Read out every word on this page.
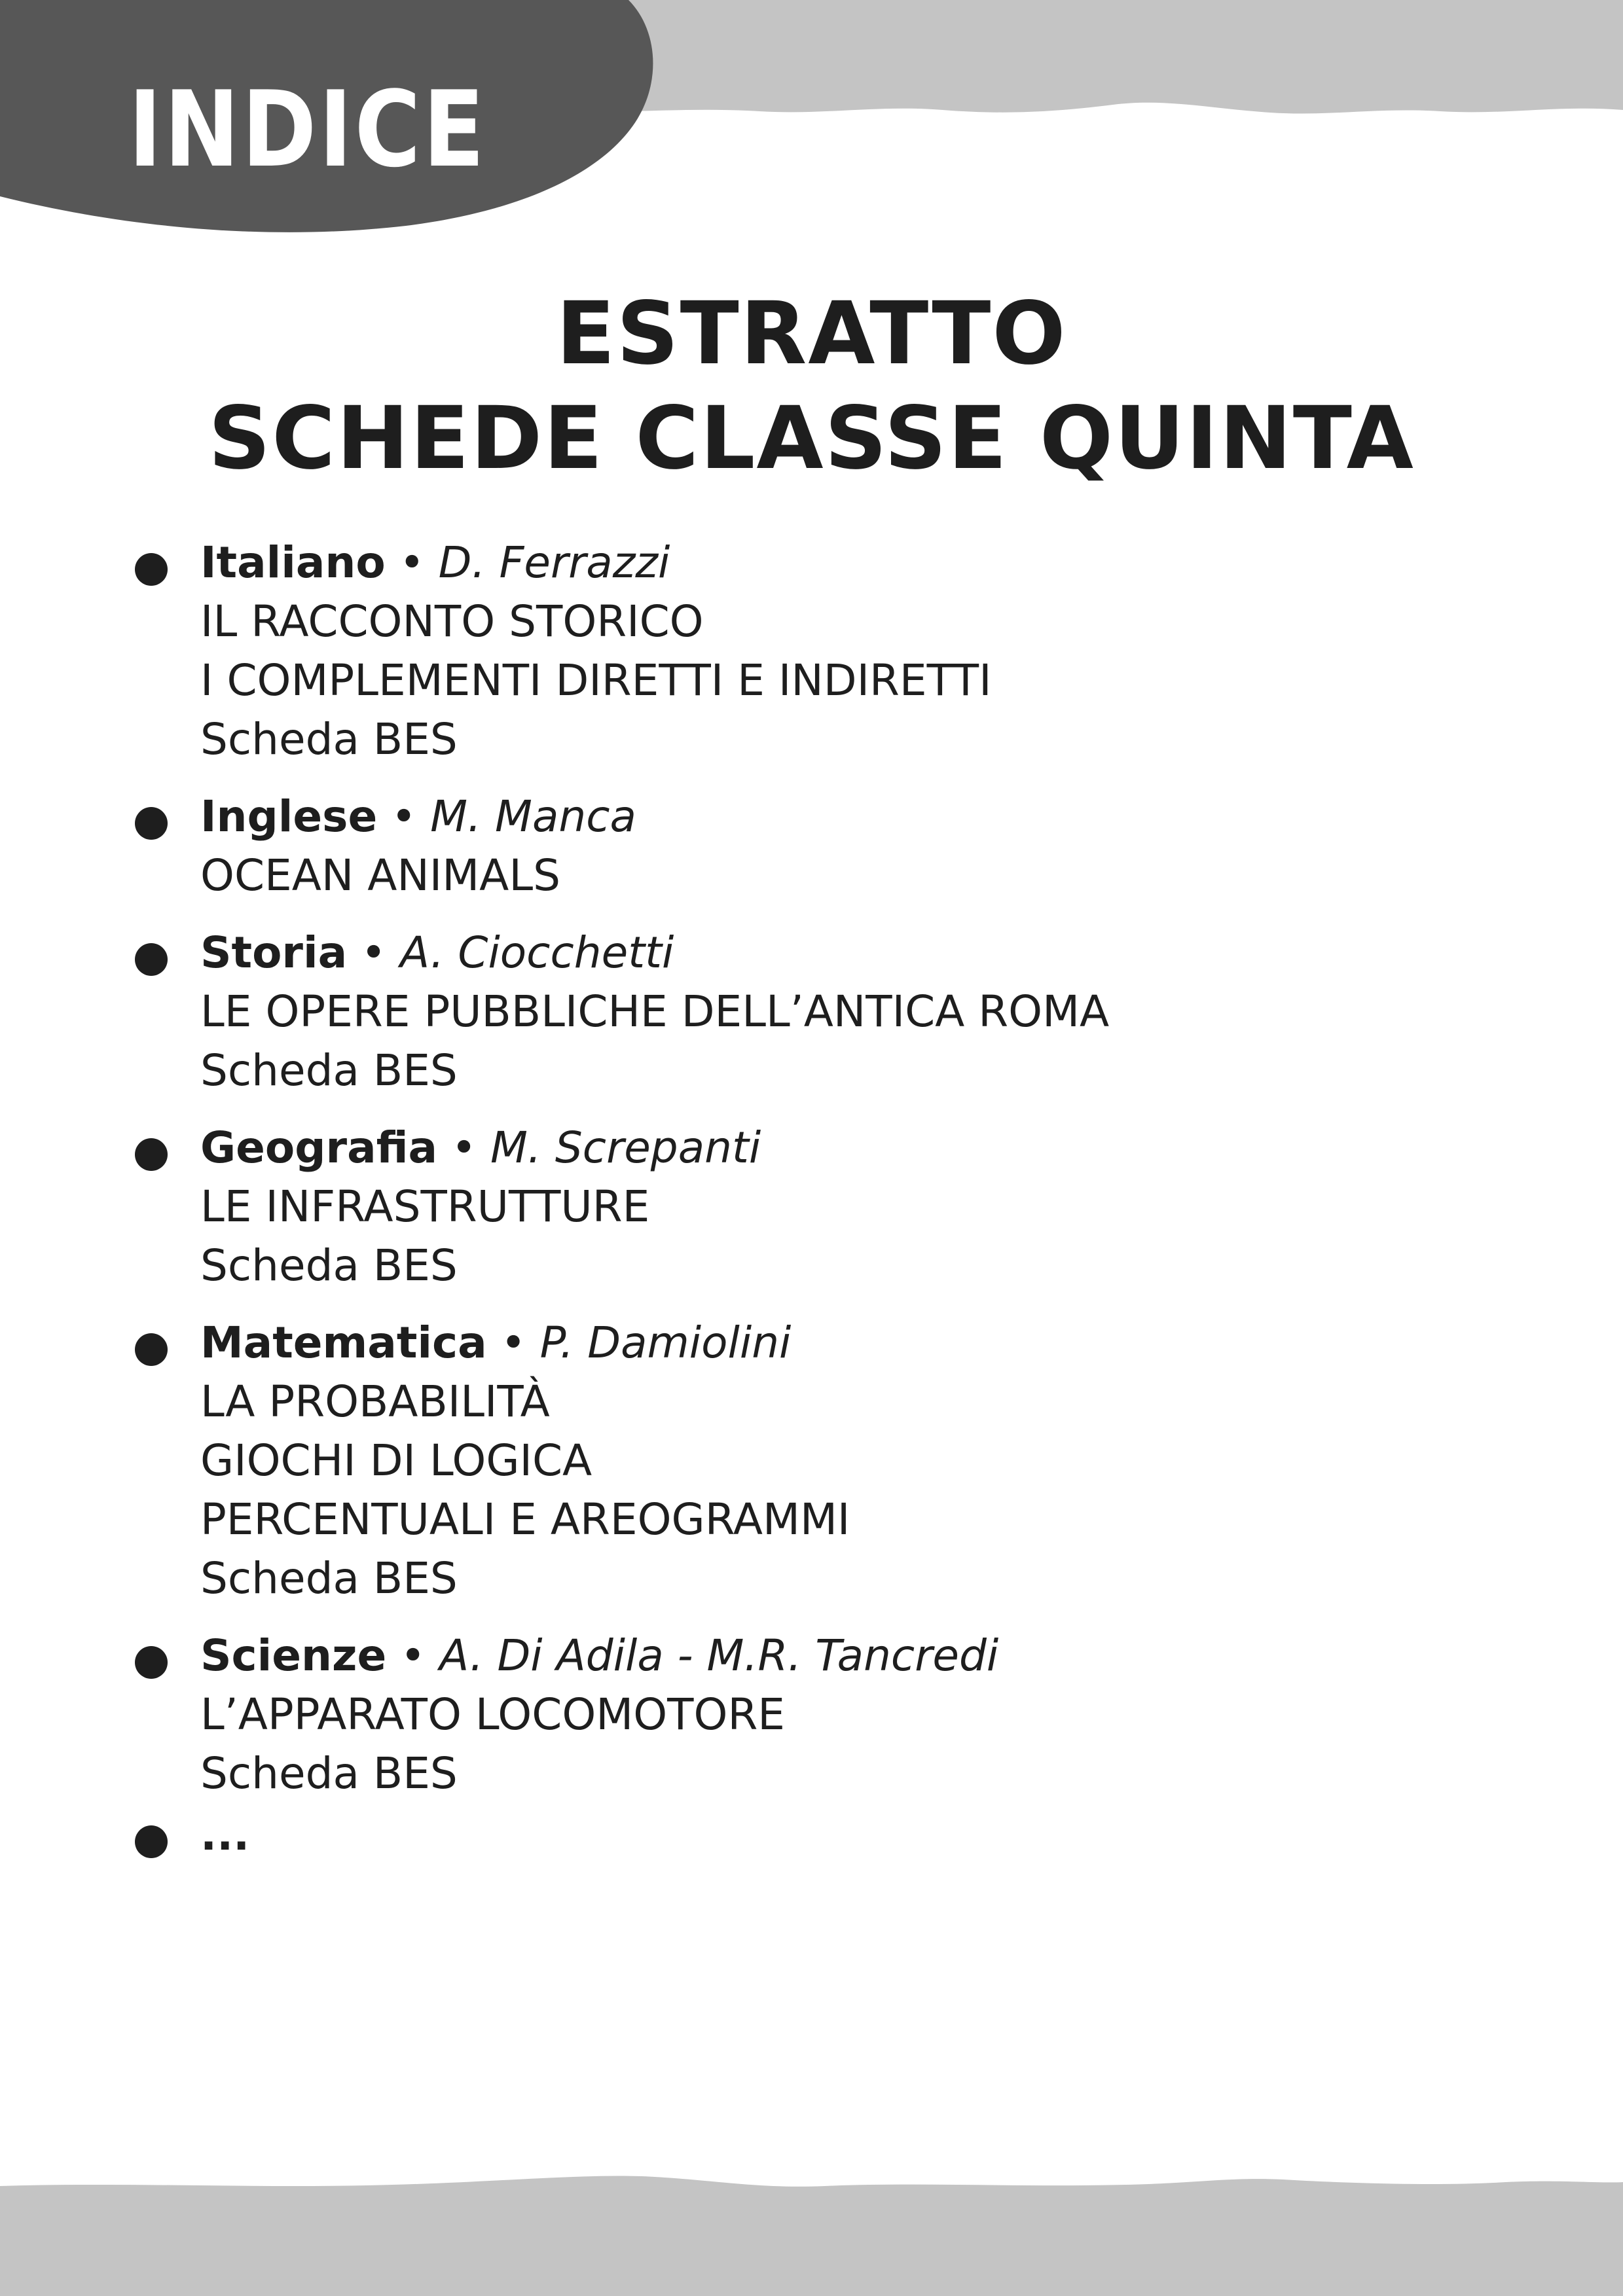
INDICE
ESTRATTO
SCHEDE CLASSE QUINTA
Italiano • D. Ferrazzi
IL RACCONTO STORICO
I COMPLEMENTI DIRETTI E INDIRETTI
Scheda BES
Inglese • M. Manca
OCEAN ANIMALS
Storia • A. Ciocchetti
LE OPERE PUBBLICHE DELL’ANTICA ROMA
Scheda BES
Geografia • M. Screpanti
LE INFRASTRUTTURE
Scheda BES
Matematica • P. Damiolini
LA PROBABILITÀ
GIOCHI DI LOGICA
PERCENTUALI E AREOGRAMMI
Scheda BES
Scienze • A. Di Adila - M.R. Tancredi
L’APPARATO LOCOMOTORE
Scheda BES
...
